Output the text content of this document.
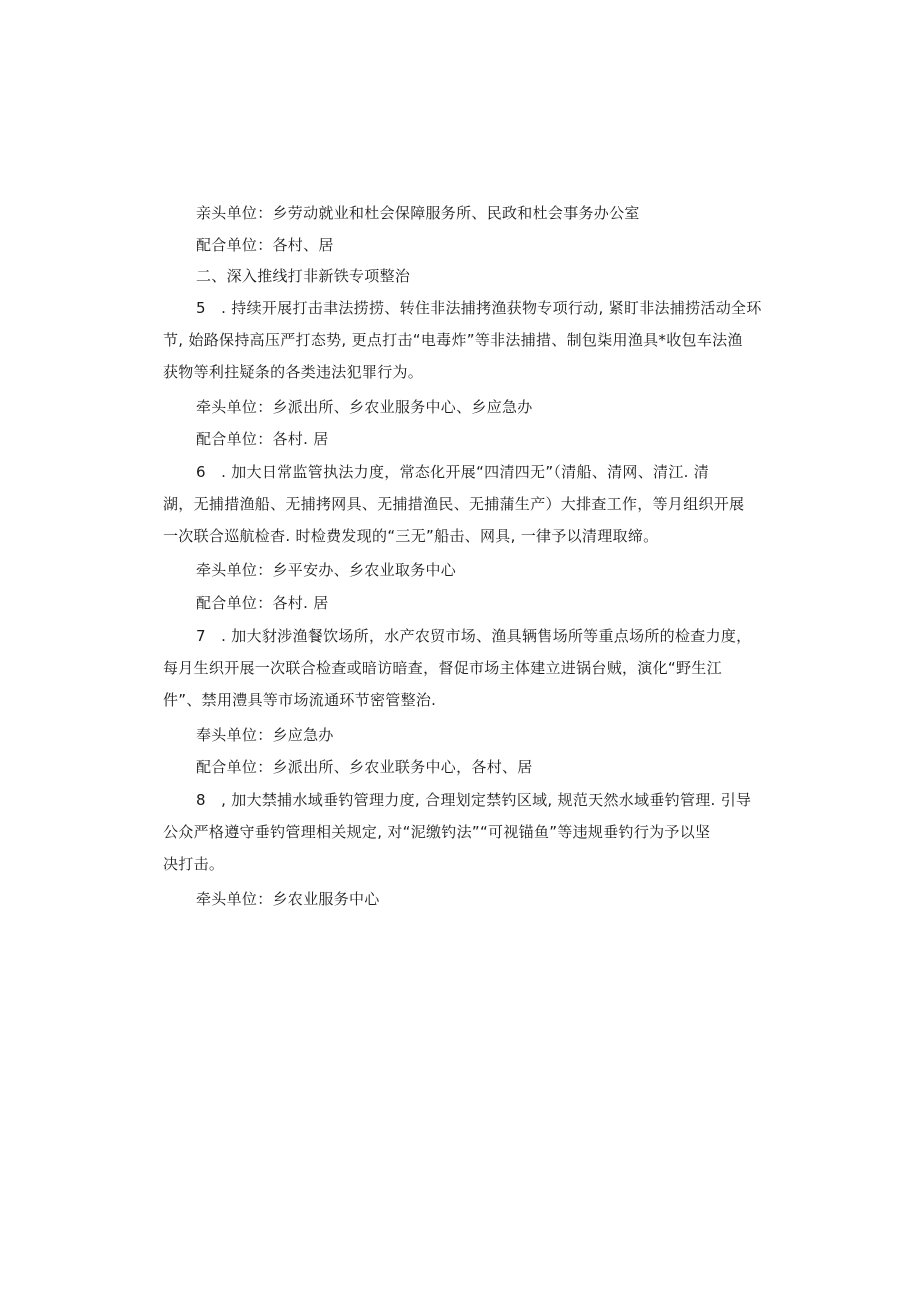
亲头单位：乡劳动就业和杜会保障服务所、民政和杜会事务办公室
配合单位：各村、居
二、深入推线打非新铁专项整治
5　. 持续开展打击聿法捞捞、转住非法捕拷渔获物专项行动, 紧盯非法捕捞活动全环
节, 始路保持高压严打态势, 更点打击“电毒炸”等非法捕措、制包柒用渔具*收包车法渔
获物等利拄疑条的各类违法犯罪行为。
牵头单位：乡派出所、乡农业服务中心、乡应急办
配合单位：各村. 居
6　. 加大日常监管执法力度，常态化开展“四清四无”（清船、清网、清江. 清
湖，无捕措渔船、无捕拷网具、无捕措渔民、无捕蒲生产）大排查工作，等月组织开展
一次联合巡航检杳. 时检费发现的“三无”船击、网具, 一律予以清理取缔。
牵头单位：乡平安办、乡农业取务中心
配合单位：各村. 居
7　. 加大豺涉渔餐饮场所，水产农贸市场、渔具辆售场所等重点场所的检查力度，
每月生织开展一次联合检查或暗访暗查，督促市场主体建立进锅台贼，演化“野生江
件”、禁用澧具等市场流通环节密管整治.
奉头单位：乡应急办
配合单位：乡派出所、乡农业联务中心，各村、居
8　, 加大禁捕水域垂钓管理力度, 合理划定禁钓区域, 规范天然水域垂钓管理. 引导
公众严格遵守垂钓管理相关规定, 对“泥缴钓法”“可视锚鱼”等违规垂钓行为予以坚
决打击。
牵头单位：乡农业服务中心
